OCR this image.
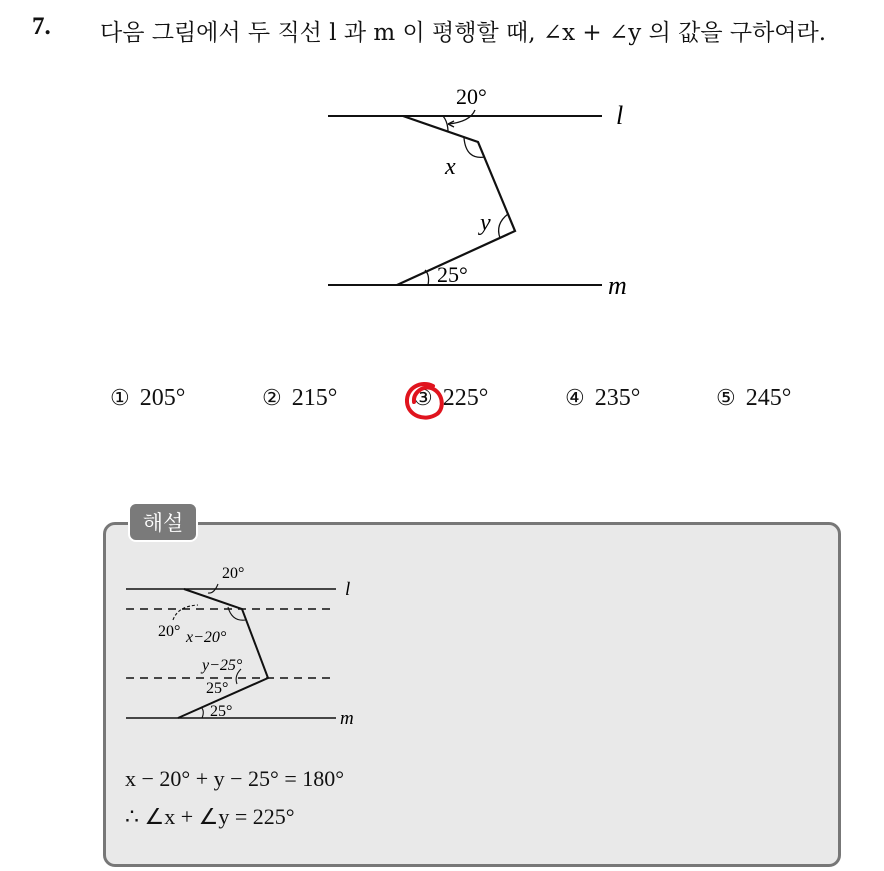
7. 다음 그림에서 두 직선 l 과 m 이 평행할 때, ∠x + ∠y 의 값을 구하여라.
20°
x
y
25°
l
m
① 205°	② 215°	③ 225°	④ 235°	⑤ 245°
해설
20°
20° x−20°
y−25°
25°
25°
l
m
x − 20° + y − 25° = 180°
∴ ∠x + ∠y = 225°
